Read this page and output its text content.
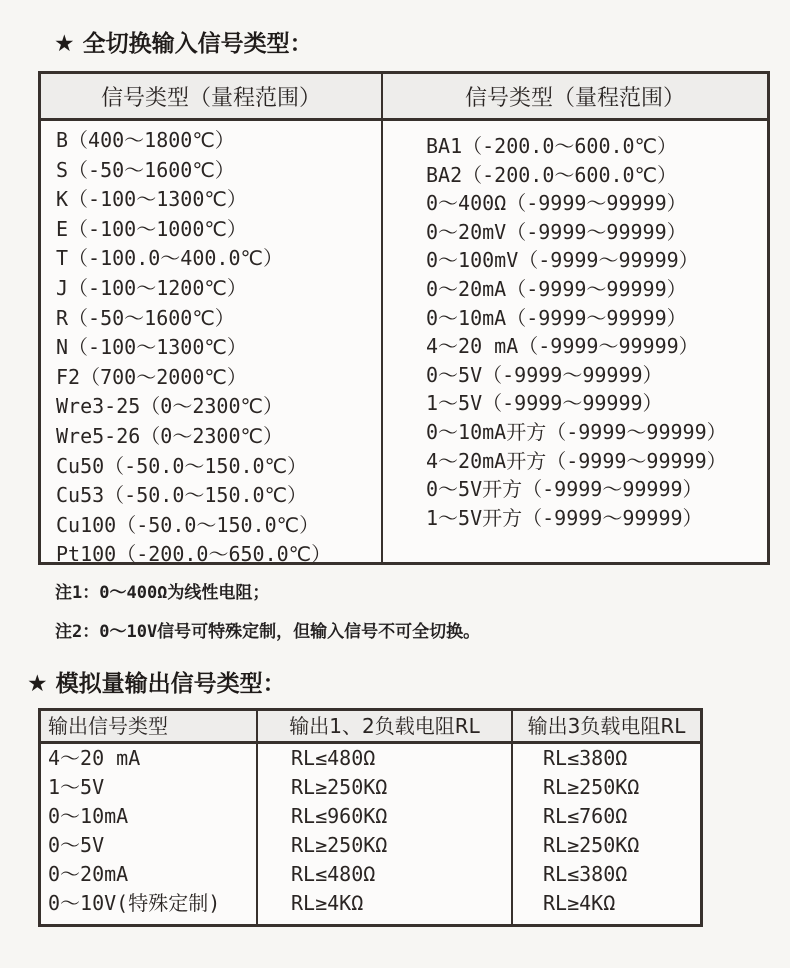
★ 全切换输入信号类型：
信号类型（量程范围）	信号类型（量程范围）
B（400～1800℃）
S（-50～1600℃）
K（-100～1300℃）
E（-100～1000℃）
T（-100.0～400.0℃）
J（-100～1200℃）
R（-50～1600℃）
N（-100～1300℃）
F2（700～2000℃）
Wre3-25（0～2300℃）
Wre5-26（0～2300℃）
Cu50（-50.0～150.0℃）
Cu53（-50.0～150.0℃）
Cu100（-50.0～150.0℃）
Pt100（-200.0～650.0℃）
BA1（-200.0～600.0℃）
BA2（-200.0～600.0℃）
0～400Ω（-9999～99999）
0～20mV（-9999～99999）
0～100mV（-9999～99999）
0～20mA（-9999～99999）
0～10mA（-9999～99999）
4～20 mA（-9999～99999）
0～5V（-9999～99999）
1～5V（-9999～99999）
0～10mA开方（-9999～99999）
4～20mA开方（-9999～99999）
0～5V开方（-9999～99999）
1～5V开方（-9999～99999）
注1：0～400Ω为线性电阻；
注2：0～10V信号可特殊定制，但输入信号不可全切换。
★ 模拟量输出信号类型：
输出信号类型
4～20 mA
1～5V
0～10mA
0～5V
0～20mA
0～10V(特殊定制)
输出1、2负载电阻RL
RL≤480Ω
RL≥250KΩ
RL≤960KΩ
RL≥250KΩ
RL≤480Ω
RL≥4KΩ
输出3负载电阻RL
RL≤380Ω
RL≥250KΩ
RL≤760Ω
RL≥250KΩ
RL≤380Ω
RL≥4KΩ
